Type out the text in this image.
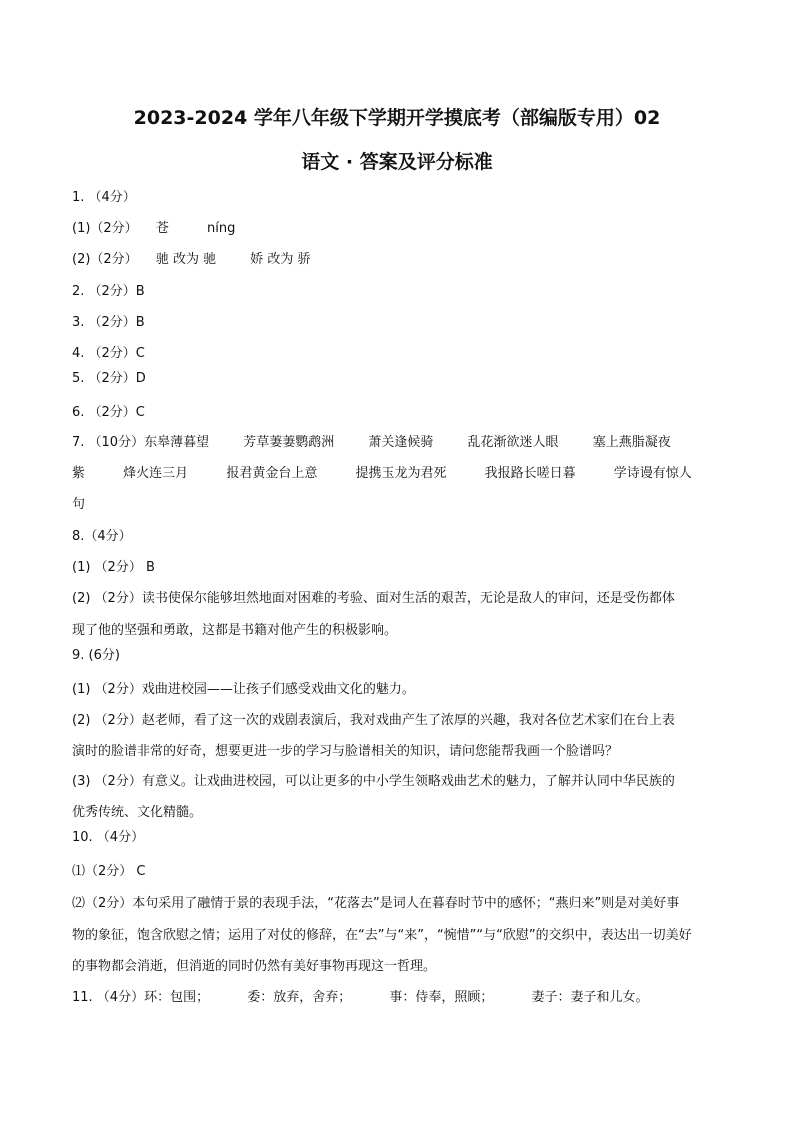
2023-2024 学年八年级下学期开学摸底考（部编版专用）02
语文 · 答案及评分标准
1. （4分）
(1)（2分） 苍	níng
(2)（2分） 驰 改为 驰	娇 改为 骄
2. （2分）B
3. （2分）B
4. （2分）C
5. （2分）D
6. （2分）C
7. （10分）东皋薄暮望	芳草萋萋鹦鹉洲	萧关逢候骑	乱花渐欲迷人眼	塞上燕脂凝夜
紫	烽火连三月	报君黄金台上意	提携玉龙为君死	我报路长嗟日暮	学诗谩有惊人
句
8.（4分）
(1) （2分） B
(2) （2分）读书使保尔能够坦然地面对困难的考验、面对生活的艰苦，无论是敌人的审问，还是受伤都体
现了他的坚强和勇敢，这都是书籍对他产生的积极影响。
9. (6分)
(1) （2分）戏曲进校园——让孩子们感受戏曲文化的魅力。
(2) （2分）赵老师，看了这一次的戏剧表演后，我对戏曲产生了浓厚的兴趣，我对各位艺术家们在台上表
演时的脸谱非常的好奇，想要更进一步的学习与脸谱相关的知识，请问您能帮我画一个脸谱吗？
(3) （2分）有意义。让戏曲进校园，可以让更多的中小学生领略戏曲艺术的魅力，了解并认同中华民族的
优秀传统、文化精髓。
10. （4分）
⑴（2分） C
⑵（2分）本句采用了融情于景的表现手法，“花落去”是词人在暮春时节中的感怀；“燕归来”则是对美好事
物的象征，饱含欣慰之情；运用了对仗的修辞，在“去”与“来”，“惋惜”“与“欣慰”的交织中，表达出一切美好
的事物都会消逝，但消逝的同时仍然有美好事物再现这一哲理。
11. （4分）环：包围；	委：放弃，舍弃；	事：侍奉，照顾；	妻子：妻子和儿女。
